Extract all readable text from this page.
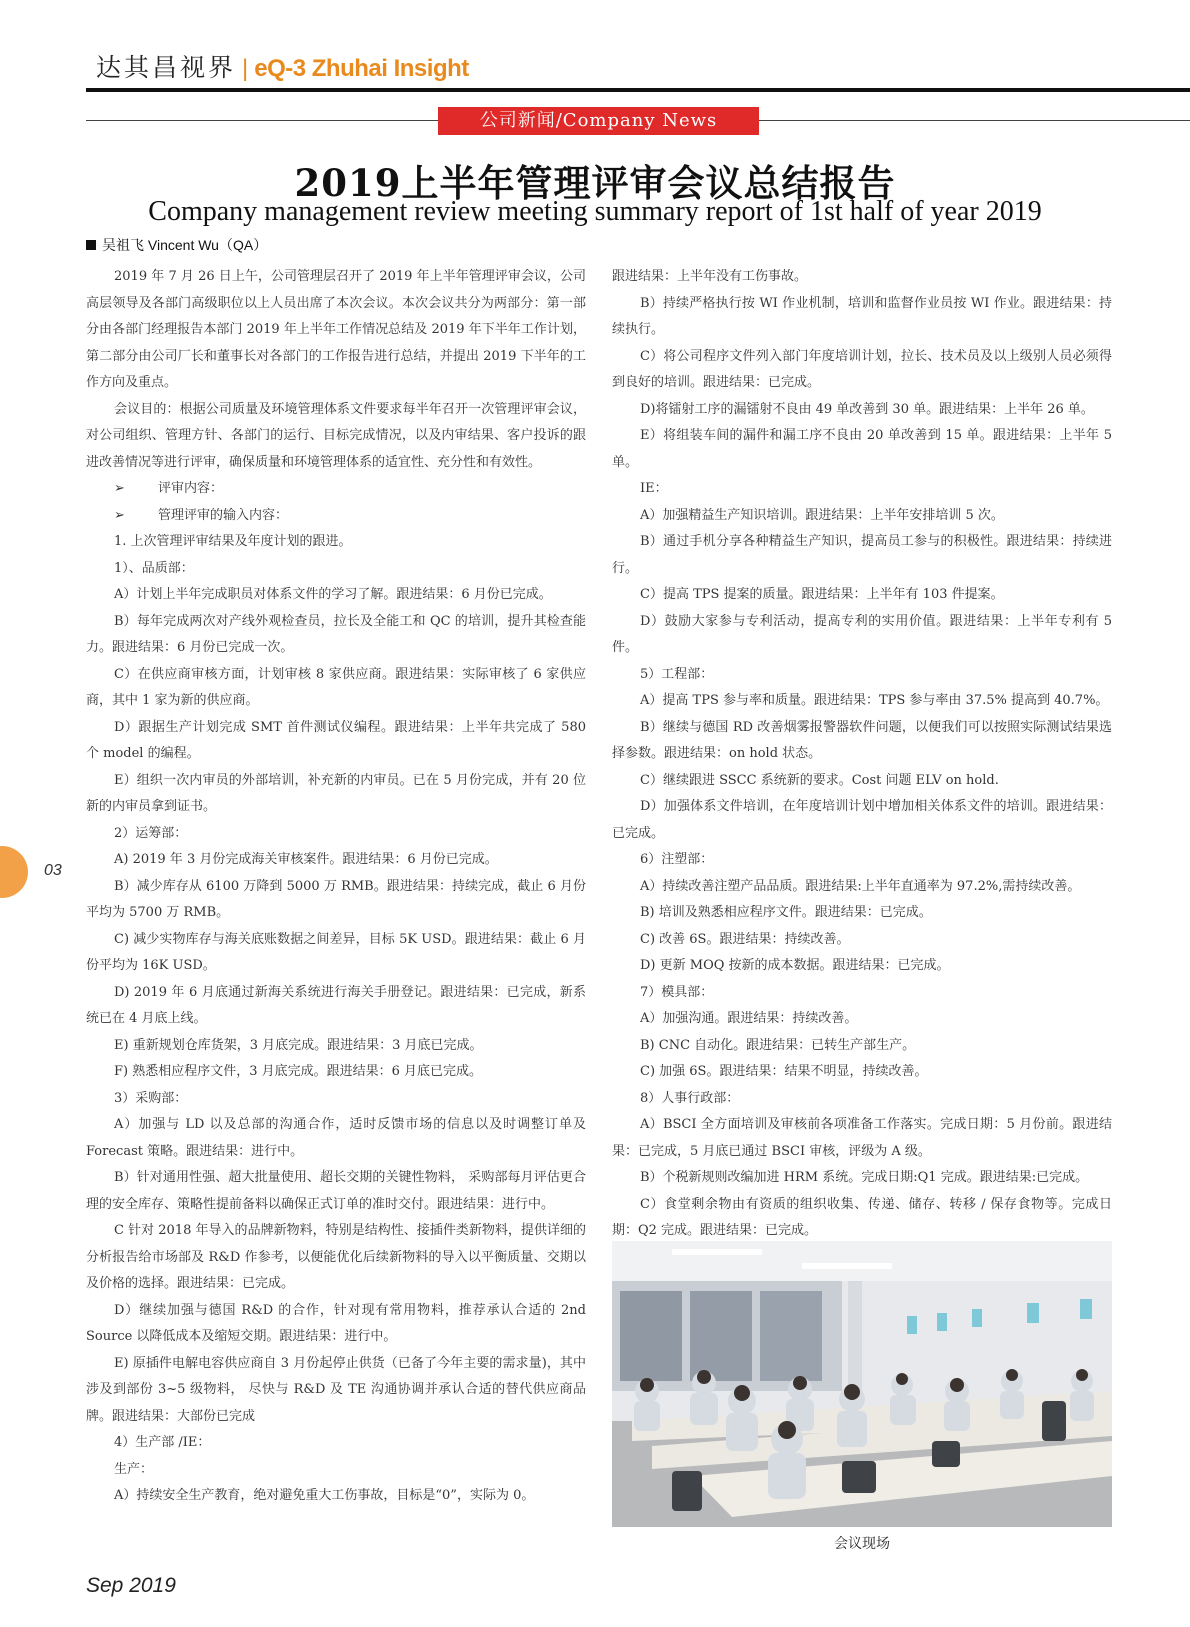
达其昌视界 | eQ-3 Zhuhai Insight
公司新闻/Company News
2019上半年管理评审会议总结报告
Company management review meeting summary report of 1st half of year 2019
吴祖飞 Vincent Wu（QA）

2019 年 7 月 26 日上午，公司管理层召开了 2019 年上半年管理评审会议，公司高层领导及各部门高级职位以上人员出席了本次会议。本次会议共分为两部分：第一部分由各部门经理报告本部门 2019 年上半年工作情况总结及 2019 年下半年工作计划，第二部分由公司厂长和董事长对各部门的工作报告进行总结，并提出 2019 下半年的工作方向及重点。

会议目的：根据公司质量及环境管理体系文件要求每半年召开一次管理评审会议，对公司组织、管理方针、各部门的运行、目标完成情况，以及内审结果、客户投诉的跟进改善情况等进行评审，确保质量和环境管理体系的适宜性、充分性和有效性。

➢	评审内容：

➢	管理评审的输入内容：

1. 上次管理评审结果及年度计划的跟进。

1）、品质部：

A）计划上半年完成职员对体系文件的学习了解。跟进结果：6 月份已完成。

B）每年完成两次对产线外观检查员，拉长及全能工和 QC 的培训，提升其检查能力。跟进结果：6 月份已完成一次。

C）在供应商审核方面，计划审核 8 家供应商。跟进结果：实际审核了 6 家供应商，其中 1 家为新的供应商。

D）跟据生产计划完成 SMT 首件测试仪编程。跟进结果：上半年共完成了 580 个 model 的编程。

E）组织一次内审员的外部培训，补充新的内审员。已在 5 月份完成，并有 20 位新的内审员拿到证书。

2）运筹部：

A) 2019 年 3 月份完成海关审核案件。跟进结果：6 月份已完成。

B）减少库存从 6100 万降到 5000 万 RMB。跟进结果：持续完成，截止 6 月份平均为 5700 万 RMB。

C) 减少实物库存与海关底账数据之间差异，目标 5K USD。跟进结果：截止 6 月份平均为 16K USD。

D) 2019 年 6 月底通过新海关系统进行海关手册登记。跟进结果：已完成，新系统已在 4 月底上线。

E) 重新规划仓库货架，3 月底完成。跟进结果：3 月底已完成。

F) 熟悉相应程序文件，3 月底完成。跟进结果：6 月底已完成。

3）采购部：

A）加强与 LD 以及总部的沟通合作，适时反馈市场的信息以及时调整订单及 Forecast 策略。跟进结果：进行中。

B）针对通用性强、超大批量使用、超长交期的关键性物料， 采购部每月评估更合理的安全库存、策略性提前备料以确保正式订单的准时交付。跟进结果：进行中。

C 针对 2018 年导入的品牌新物料，特别是结构性、接插件类新物料，提供详细的分析报告给市场部及 R&D 作参考，以便能优化后续新物料的导入以平衡质量、交期以及价格的选择。跟进结果：已完成。

D）继续加强与德国 R&D 的合作，针对现有常用物料，推荐承认合适的 2nd Source 以降低成本及缩短交期。跟进结果：进行中。

E) 原插件电解电容供应商自 3 月份起停止供货（已备了今年主要的需求量)，其中涉及到部份 3~5 级物料， 尽快与 R&D 及 TE 沟通协调并承认合适的替代供应商品牌。跟进结果：大部份已完成

4）生产部 /IE：

生产：

A）持续安全生产教育，绝对避免重大工伤事故，目标是“0”，实际为 0。

跟进结果：上半年没有工伤事故。

B）持续严格执行按 WI 作业机制，培训和监督作业员按 WI 作业。跟进结果：持续执行。

C）将公司程序文件列入部门年度培训计划，拉长、技术员及以上级别人员必须得到良好的培训。跟进结果：已完成。

D)将镭射工序的漏镭射不良由 49 单改善到 30 单。跟进结果：上半年 26 单。

E）将组装车间的漏件和漏工序不良由 20 单改善到 15 单。跟进结果：上半年 5 单。

IE：

A）加强精益生产知识培训。跟进结果：上半年安排培训 5 次。

B）通过手机分享各种精益生产知识，提高员工参与的积极性。跟进结果：持续进行。

C）提高 TPS 提案的质量。跟进结果：上半年有 103 件提案。

D）鼓励大家参与专利活动，提高专利的实用价值。跟进结果：上半年专利有 5 件。

5）工程部：

A）提高 TPS 参与率和质量。跟进结果：TPS 参与率由 37.5% 提高到 40.7%。

B）继续与德国 RD 改善烟雾报警器软件问题，以便我们可以按照实际测试结果选择参数。跟进结果：on hold 状态。

C）继续跟进 SSCC 系统新的要求。Cost 问题 ELV on hold.

D）加强体系文件培训，在年度培训计划中增加相关体系文件的培训。跟进结果：已完成。

6）注塑部：

A）持续改善注塑产品品质。跟进结果:上半年直通率为 97.2%,需持续改善。

B) 培训及熟悉相应程序文件。跟进结果：已完成。

C) 改善 6S。跟进结果：持续改善。

D) 更新 MOQ 按新的成本数据。跟进结果：已完成。

7）模具部：

A）加强沟通。跟进结果：持续改善。

B) CNC 自动化。跟进结果：已转生产部生产。

C) 加强 6S。跟进结果：结果不明显，持续改善。

8）人事行政部：

A）BSCI 全方面培训及审核前各项准备工作落实。完成日期：5 月份前。跟进结果：已完成，5 月底已通过 BSCI 审核，评级为 A 级。

B）个税新规则改编加进 HRM 系统。完成日期:Q1 完成。跟进结果:已完成。

C）食堂剩余物由有资质的组织收集、传递、储存、转移 / 保存食物等。完成日期：Q2 完成。跟进结果：已完成。

会议现场
03
Sep 2019
